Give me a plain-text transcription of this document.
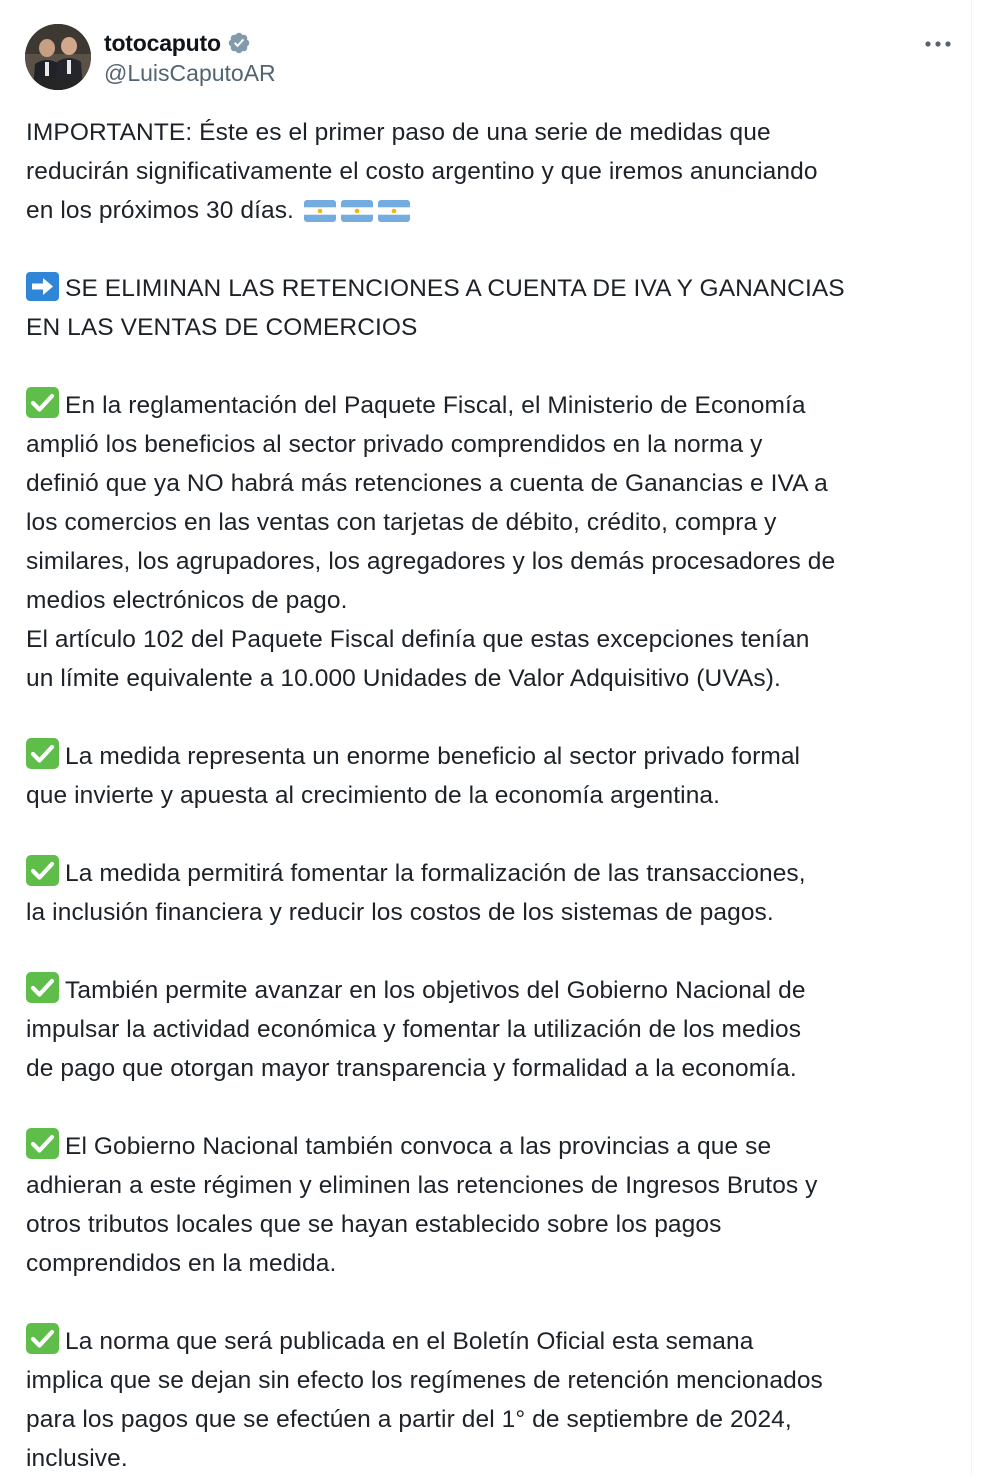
totocaputo
@LuisCaputoAR
IMPORTANTE: Éste es el primer paso de una serie de medidas que
reducirán significativamente el costo argentino y que iremos anunciando
en los próximos 30 días.
SE ELIMINAN LAS RETENCIONES A CUENTA DE IVA Y GANANCIAS
EN LAS VENTAS DE COMERCIOS
En la reglamentación del Paquete Fiscal, el Ministerio de Economía
amplió los beneficios al sector privado comprendidos en la norma y
definió que ya NO habrá más retenciones a cuenta de Ganancias e IVA a
los comercios en las ventas con tarjetas de débito, crédito, compra y
similares, los agrupadores, los agregadores y los demás procesadores de
medios electrónicos de pago.
El artículo 102 del Paquete Fiscal definía que estas excepciones tenían
un límite equivalente a 10.000 Unidades de Valor Adquisitivo (UVAs).
La medida representa un enorme beneficio al sector privado formal
que invierte y apuesta al crecimiento de la economía argentina.
La medida permitirá fomentar la formalización de las transacciones,
la inclusión financiera y reducir los costos de los sistemas de pagos.
También permite avanzar en los objetivos del Gobierno Nacional de
impulsar la actividad económica y fomentar la utilización de los medios
de pago que otorgan mayor transparencia y formalidad a la economía.
El Gobierno Nacional también convoca a las provincias a que se
adhieran a este régimen y eliminen las retenciones de Ingresos Brutos y
otros tributos locales que se hayan establecido sobre los pagos
comprendidos en la medida.
La norma que será publicada en el Boletín Oficial esta semana
implica que se dejan sin efecto los regímenes de retención mencionados
para los pagos que se efectúen a partir del 1° de septiembre de 2024,
inclusive.
